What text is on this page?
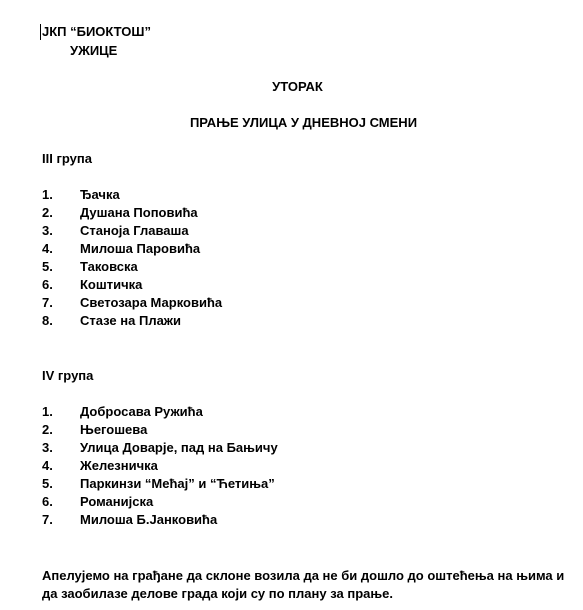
ЈКП “БИОКТОШ”
УЖИЦЕ
УТОРАК
ПРАЊЕ УЛИЦА У ДНЕВНОЈ СМЕНИ
III група
1. Ђачка
2. Душана Поповића
3. Станоја Главаша
4. Милоша Паровића
5. Таковска
6. Коштичка
7. Светозара Марковића
8. Стазе на Плажи
IV група
1. Добросава Ружића
2. Његошева
3. Улица Доварје, пад на Бањичу
4. Железничка
5. Паркинзи “Мећај” и “Ћетиња”
6. Романијска
7. Милоша Б.Јанковића
Апелујемо на грађане да склоне возила да не би дошло до оштећења на њима и да заобилазе делове града који су по плану за прање.
